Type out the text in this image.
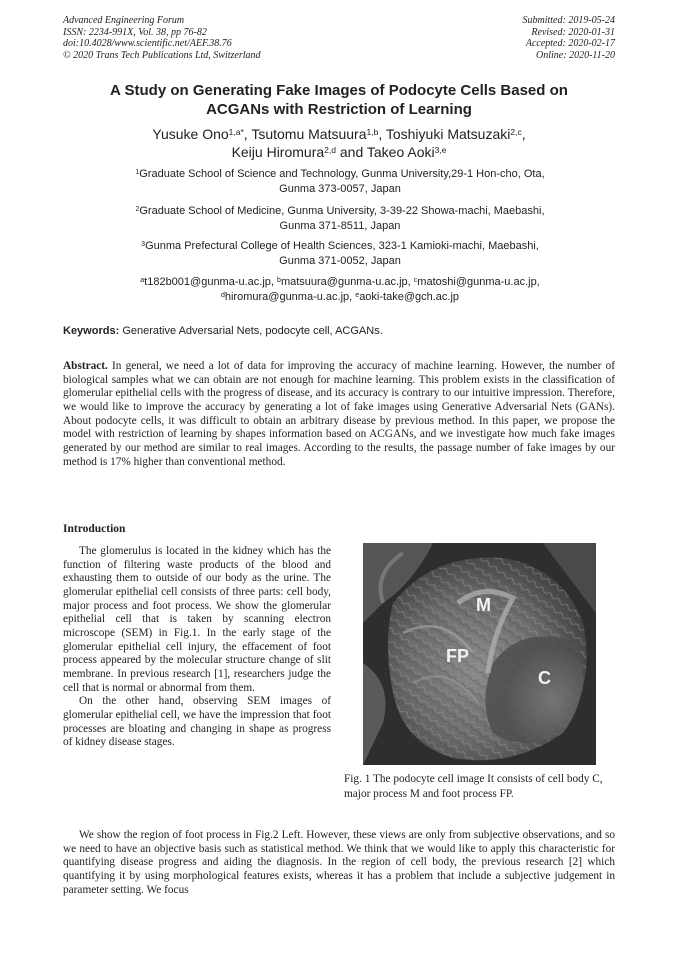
Advanced Engineering Forum
ISSN: 2234-991X, Vol. 38, pp 76-82
doi:10.4028/www.scientific.net/AEF.38.76
© 2020 Trans Tech Publications Ltd, Switzerland
Submitted: 2019-05-24
Revised: 2020-01-31
Accepted: 2020-02-17
Online: 2020-11-20
A Study on Generating Fake Images of Podocyte Cells Based on
ACGANs with Restriction of Learning
Yusuke Ono$^{1,a*}$, Tsutomu Matsuura$^{1,b}$, Toshiyuki Matsuzaki$^{2,c}$,
Keiju Hiromura$^{2,d}$ and Takeo Aoki$^{3,e}$
$^1$Graduate School of Science and Technology, Gunma University,29-1 Hon-cho, Ota,
Gunma 373-0057, Japan
$^2$Graduate School of Medicine, Gunma University, 3-39-22 Showa-machi, Maebashi,
Gunma 371-8511, Japan
$^3$Gunma Prefectural College of Health Sciences, 323-1 Kamioki-machi, Maebashi,
Gunma 371-0052, Japan
$^a$t182b001@gunma-u.ac.jp, $^b$matsuura@gunma-u.ac.jp, $^c$matoshi@gunma-u.ac.jp,
$^d$hiromura@gunma-u.ac.jp, $^e$aoki-take@gch.ac.jp
Keywords: Generative Adversarial Nets, podocyte cell, ACGANs.
Abstract. In general, we need a lot of data for improving the accuracy of machine learning. However, the number of biological samples what we can obtain are not enough for machine learning. This problem exists in the classification of glomerular epithelial cells with the progress of disease, and its accuracy is contrary to our intuitive impression. Therefore, we would like to improve the accuracy by generating a lot of fake images using Generative Adversarial Nets (GANs). About podocyte cells, it was difficult to obtain an arbitrary disease by previous method. In this paper, we propose the model with restriction of learning by shapes information based on ACGANs, and we investigate how much fake images generated by our method are similar to real images. According to the results, the passage number of fake images by our method is 17% higher than conventional method.
Introduction

The glomerulus is located in the kidney which has the function of filtering waste products of the blood and exhausting them to outside of our body as the urine. The glomerular epithelial cell consists of three parts: cell body, major process and foot process. We show the glomerular epithelial cell that is taken by scanning electron microscope (SEM) in Fig.1. In the early stage of the glomerular epithelial cell injury, the effacement of foot process appeared by the molecular structure change of slit membrane. In previous research [1], researchers judge the cell that is normal or abnormal from them.

On the other hand, observing SEM images of glomerular epithelial cell, we have the impression that foot processes are bloating and changing in shape as progress of kidney disease stages.

M
FP
C
Fig. 1 The podocyte cell image It consists of cell body C, major process M and foot process FP.

We show the region of foot process in Fig.2 Left. However, these views are only from subjective observations, and so we need to have an objective basis such as statistical method. We think that we would like to apply this characteristic for quantifying disease progress and aiding the diagnosis. In the region of cell body, the previous research [2] which quantifying it by using morphological features exists, whereas it has a problem that include a subjective judgement in parameter setting. We focus
